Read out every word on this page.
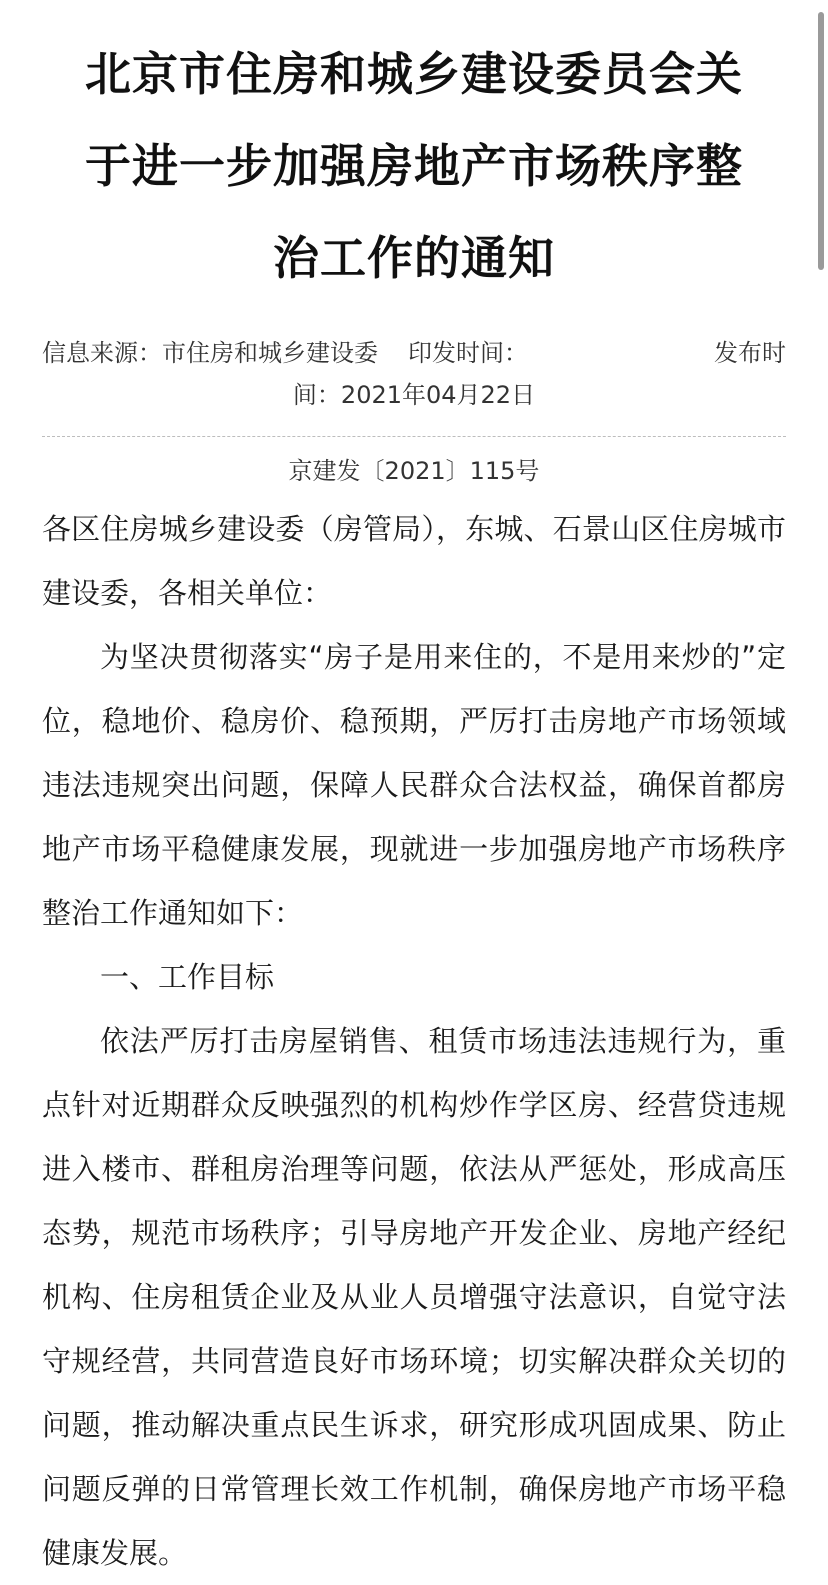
北京市住房和城乡建设委员会关
于进一步加强房地产市场秩序整
治工作的通知
信息来源：市住房和城乡建设委 印发时间：	发布时
间：2021年04月22日
京建发〔2021〕115号

各区住房城乡建设委（房管局），东城、石景山区住房城市建设委，各相关单位：

为坚决贯彻落实“房子是用来住的，不是用来炒的”定位，稳地价、稳房价、稳预期，严厉打击房地产市场领域违法违规突出问题，保障人民群众合法权益，确保首都房地产市场平稳健康发展，现就进一步加强房地产市场秩序整治工作通知如下：

一、工作目标

依法严厉打击房屋销售、租赁市场违法违规行为，重点针对近期群众反映强烈的机构炒作学区房、经营贷违规进入楼市、群租房治理等问题，依法从严惩处，形成高压态势，规范市场秩序；引导房地产开发企业、房地产经纪机构、住房租赁企业及从业人员增强守法意识，自觉守法守规经营，共同营造良好市场环境；切实解决群众关切的问题，推动解决重点民生诉求，研究形成巩固成果、防止问题反弹的日常管理长效工作机制，确保房地产市场平稳健康发展。
